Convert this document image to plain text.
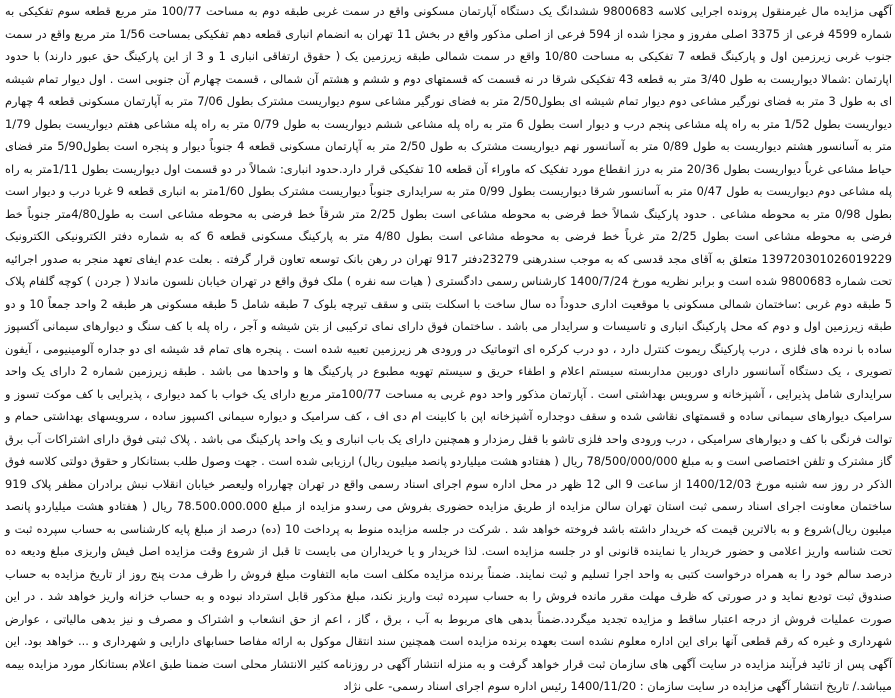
آگهی مزایده مال غیرمنقول پرونده اجرایی کلاسه 9800683 ششدانگ یک دستگاه آپارتمان مسکونی واقع در سمت غربی طبقه دوم به مساحت 100/77 متر مربع قطعه سوم تفکیکی به شماره 4599 فرعی از 3375 اصلی مفروز و مجزا شده از 594 فرعی از اصلی مذکور واقع در بخش 11 تهران به انضمام انباری قطعه دهم تفکیکی بمساحت 1/56 متر مربع واقع در سمت جنوب غربی زیرزمین اول و پارکینگ قطعه 7 تفکیکی به مساحت 10/80 واقع در سمت شمالی طبقه زیرزمین یک ( حقوق ارتفاقی انباری 1 و 3 از این پارکینگ حق عبور دارند) با حدود اپارتمان :شمالا دیواریست به طول 3/40 متر به قطعه 43 تفکیکی شرقا در نه قسمت که قسمتهای دوم و ششم و هشتم آن شمالی ، قسمت چهارم آن جنوبی است . اول دیوار تمام شیشه ای به طول 3 متر به فضای نورگیر مشاعی دوم دیوار تمام شیشه ای بطول2/50 متر به فضای نورگیر مشاعی سوم دیواریست مشترک بطول 7/06 متر به آپارتمان مسکونی قطعه 4 چهارم دیواریست بطول 1/52 متر به راه پله مشاعی پنجم درب و دیوار است بطول 6 متر به راه پله مشاعی ششم دیواریست به طول 0/79 متر به راه پله مشاعی هفتم دیواریست بطول 1/79 متر به آسانسور هشتم دیواریست به طول 0/89 متر به آسانسور نهم دیواریست مشترک به طول 2/50 متر به آپارتمان مسکونی قطعه 4 جنوباً دیوار و پنجره است بطول5/90 متر فضای حیاط مشاعی غرباً دیواریست بطول 20/36 متر به درز انقطاع مورد تفکیک که ماوراء آن قطعه 10 تفکیکی قرار دارد.حدود انباری: شمالاً در دو قسمت اول دیواریست بطول 1/11متر به راه پله مشاعی دوم دیواریست به طول 0/47 متر به آسانسور شرقا دیواریست بطول 0/99 متر به سرایداری جنوباً دیواریست مشترک بطول 1/60متر به انباری قطعه 9 غربا درب و دیوار است بطول 0/98 متر به محوطه مشاعی . حدود پارکینگ شمالاً خط فرضی به محوطه مشاعی است بطول 2/25 متر شرقاً خط فرضی به محوطه مشاعی است به طول4/80متر جنوباً خط فرضی به محوطه مشاعی است بطول 2/25 متر غرباً خط فرضی به محوطه مشاعی است بطول 4/80 متر به پارکینگ مسکونی قطعه 6 که به شماره دفتر الکترونیکی الکترونیک 139720301026019229 متعلق به آقای مجد قدسی که به موجب سندرهنی 23279دفتر 917 تهران در رهن بانک توسعه تعاون قرار گرفته . بعلت عدم ایفای تعهد منجر به صدور اجرائیه تحت شماره 9800683 شده است و برابر نظریه مورخ 1400/7/24 کارشناس رسمی دادگستری ( هیات سه نفره ) ملک فوق واقع در تهران خیابان نلسون ماندلا ( جردن ) کوچه گلفام پلاک 5 طبقه دوم غربی :ساختمان شمالی مسکونی با موقعیت اداری حدوداً ده سال ساخت با اسکلت بتنی و سقف تیرچه بلوک 7 طبقه شامل 5 طبقه مسکونی هر طبقه 2 واحد جمعاً 10 و دو طبقه زیرزمین اول و دوم که محل پارکینگ انباری و تاسیسات و سرایدار می باشد . ساختمان فوق دارای نمای ترکیبی از بتن شیشه و آجر ، راه پله با کف سنگ و دیوارهای سیمانی آکسپوز ساده با نرده های فلزی ، درب پارکینگ ریموت کنترل دارد ، دو درب کرکره ای اتوماتیک در ورودی هر زیرزمین تعبیه شده است . پنجره های تمام قد شیشه ای دو جداره آلومینیومی ، آیفون تصویری ، یک دستگاه آسانسور دارای دوربین مداربسته سیستم اعلام و اطفاء حریق و سیستم تهویه مطبوع در پارکینگ ها و واحدها می باشد . طبقه زیرزمین شماره 2 دارای یک واحد سرایداری شامل پذیرایی ، آشپزخانه و سرویس بهداشتی است . آپارتمان مذکور واحد دوم غربی به مساحت 100/77متر مربع دارای یک خواب با کمد دیواری ، پذیرایی با کف موکت تسوز و سرامیک دیوارهای سیمانی ساده و قسمتهای نقاشی شده و سقف دوجداره آشپزخانه اپن با کابینت ام دی اف ، کف سرامیک و دیواره سیمانی اکسپوز ساده ، سرویسهای بهداشتی حمام و توالت فرنگی با کف و دیوارهای سرامیکی ، درب ورودی واحد فلزی تاشو با قفل رمزدار و همچنین دارای یک باب انباری و یک واحد پارکینگ می باشد . پلاک ثبتی فوق دارای اشتراکات آب برق گاز مشترک و تلفن اختصاصی است و به مبلغ 78/500/000/000 ریال ( هفتادو هشت میلیاردو پانصد میلیون ریال) ارزیابی شده است . جهت وصول طلب بستانکار و حقوق دولتی کلاسه فوق الذکر در روز سه شنبه مورخ 1400/12/03 از ساعت 9 الی 12 ظهر در محل اداره سوم اجرای اسناد رسمی واقع در تهران چهارراه ولیعصر خیابان انقلاب نبش برادران مظفر پلاک 919 ساختمان معاونت اجرای اسناد رسمی ثبت استان تهران سالن مزایده از طریق مزایده حضوری بفروش می رسدو مزایده از مبلغ 78.500.000.000 ریال ( هفتادو هشت میلیاردو پانصد میلیون ریال)شروع و به بالاترین قیمت که خریدار داشته باشد فروخته خواهد شد . شرکت در جلسه مزایده منوط به پرداخت 10 (ده) درصد از مبلغ پایه کارشناسی به حساب سپرده ثبت و تحت شناسه واریز اعلامی و حضور خریدار یا نماینده قانونی او در جلسه مزایده است. لذا خریدار و یا خریداران می بایست تا قبل از شروع وقت مزایده اصل فیش واریزی مبلغ ودیعه ده درصد سالم خود را به همراه درخواست کتبی به واحد اجرا تسلیم و ثبت نمایند. ضمناً برنده مزایده مکلف است مابه التفاوت مبلغ فروش را ظرف مدت پنج روز از تاریخ مزایده به حساب صندوق ثبت تودیع نماید و در صورتی که ظرف مهلت مقرر مانده فروش را به حساب سپرده ثبت واریز نکند، مبلغ مذکور قابل استرداد نبوده و به حساب خزانه واریز خواهد شد . در این صورت عملیات فروش از درجه اعتبار ساقط و مزایده تجدید میگردد.ضمناً بدهی های مربوط به آب ، برق ، گاز ، اعم از حق انشعاب و اشتراک و مصرف و نیز بدهی مالیاتی ، عوارض شهرداری و غیره که رقم قطعی آنها برای این اداره معلوم نشده است بعهده برنده مزایده است همچنین سند انتقال موکول به ارائه مفاصا حسابهای دارایی و شهرداری و ... خواهد بود. این آگهی پس از تائید فرآیند مزایده در سایت آگهی های سازمان ثبت قرار خواهد گرفت و به منزله انتشار آگهی در روزنامه کثیر الانتشار محلی است ضمنا طبق اعلام بستانکار مورد مزایده بیمه میباشد./ تاریخ انتشار آگهی مزایده در سایت سازمان : 1400/11/20 رئیس اداره سوم اجرای اسناد رسمی- علی نژاد
